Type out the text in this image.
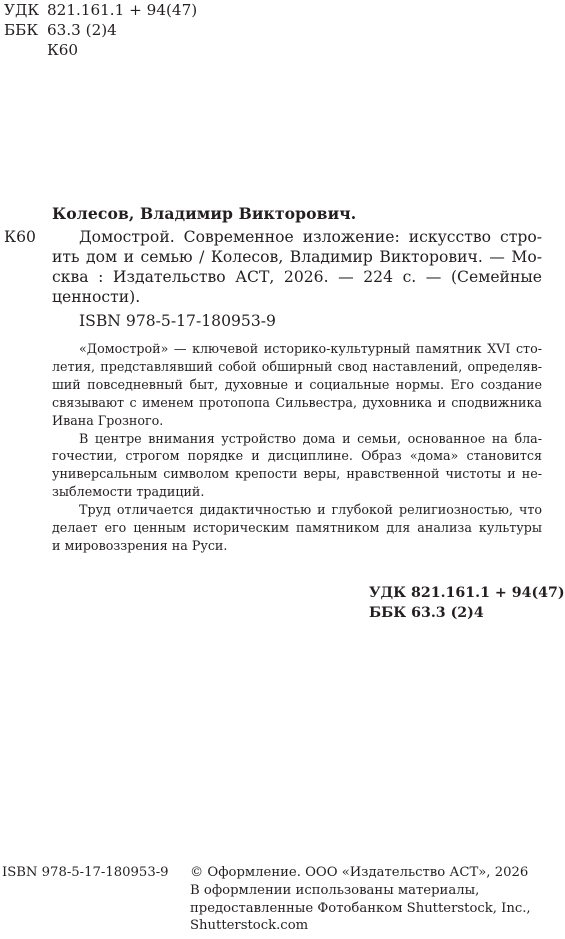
УДК 821.161.1 + 94(47)
ББК 63.3 (2)4
К60
Колесов, Владимир Викторович.
К60	Домострой. Современное изложение: искусство стро-
ить дом и семью / Колесов, Владимир Викторович. — Мо-
сква : Издательство АСТ, 2026. — 224 с. — (Семейные
ценности).
ISBN 978-5-17-180953-9
«Домострой» — ключевой историко-культурный памятник XVI сто-
летия, представлявший собой обширный свод наставлений, определяв-
ший повседневный быт, духовные и социальные нормы. Его создание
связывают с именем протопопа Сильвестра, духовника и сподвижника
Ивана Грозного.
В центре внимания устройство дома и семьи, основанное на бла-
гочестии, строгом порядке и дисциплине. Образ «дома» становится
универсальным символом крепости веры, нравственной чистоты и не-
зыблемости традиций.
Труд отличается дидактичностью и глубокой религиозностью, что
делает его ценным историческим памятником для анализа культуры
и мировоззрения на Руси.
УДК 821.161.1 + 94(47)
ББК 63.3 (2)4
ISBN 978-5-17-180953-9 © Оформление. ООО «Издательство АСТ», 2026
В оформлении использованы материалы,
предоставленные Фотобанком Shutterstock, Inc.,
Shutterstock.com
